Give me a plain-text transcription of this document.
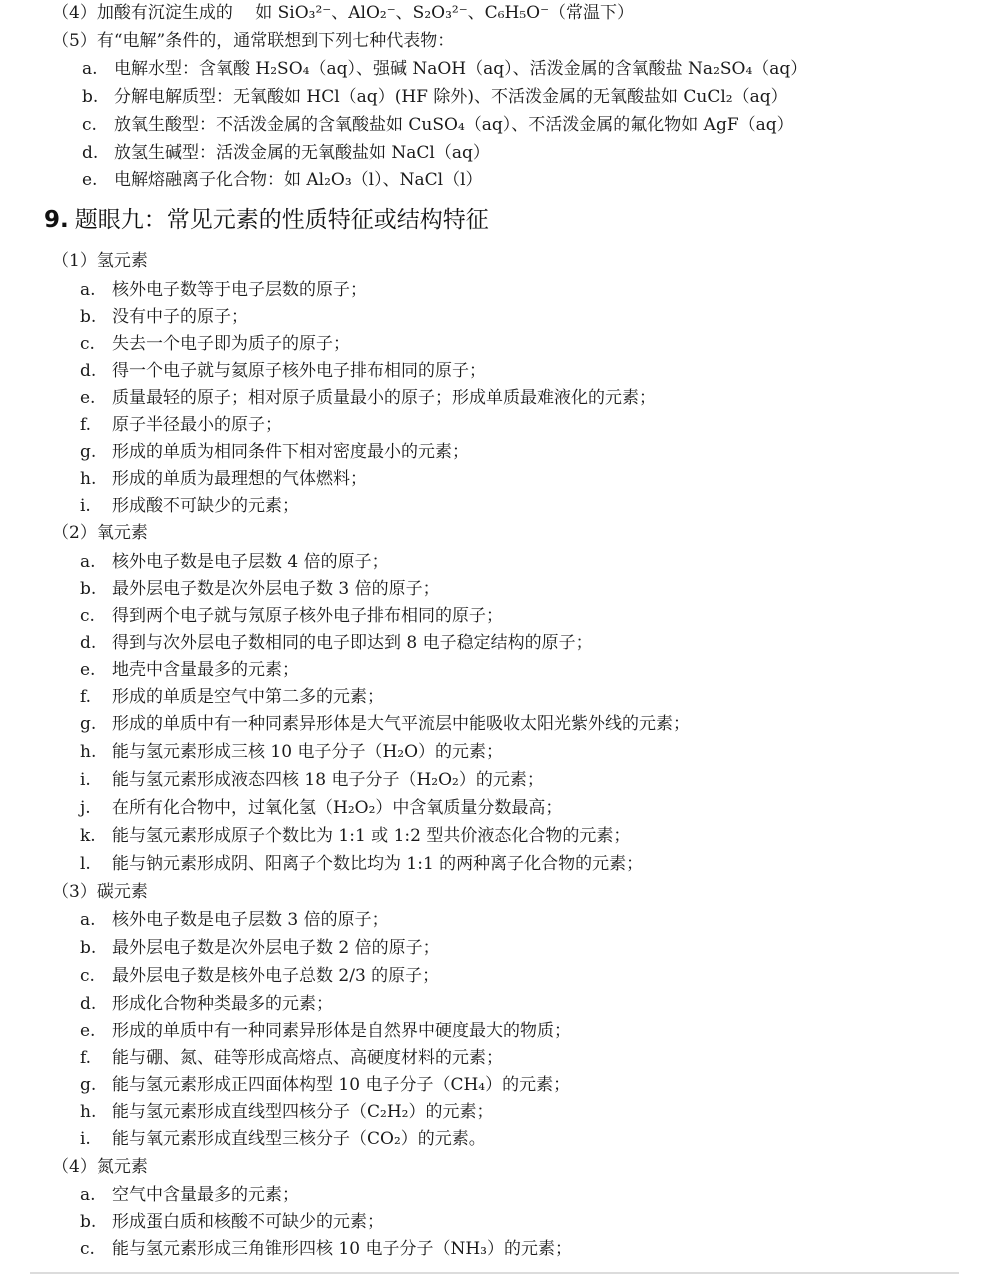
（4）加酸有沉淀生成的　 如 SiO₃²⁻、AlO₂⁻、S₂O₃²⁻、C₆H₅O⁻（常温下）
（5）有“电解”条件的，通常联想到下列七种代表物：
a. 电解水型：含氧酸 H₂SO₄（aq）、强碱 NaOH（aq）、活泼金属的含氧酸盐 Na₂SO₄（aq）
b. 分解电解质型：无氧酸如 HCl（aq）(HF 除外)、不活泼金属的无氧酸盐如 CuCl₂（aq）
c. 放氧生酸型：不活泼金属的含氧酸盐如 CuSO₄（aq）、不活泼金属的氟化物如 AgF（aq）
d. 放氢生碱型：活泼金属的无氧酸盐如 NaCl（aq）
e. 电解熔融离子化合物：如 Al₂O₃（l）、NaCl（l）
9. 题眼九：常见元素的性质特征或结构特征
（1）氢元素
a. 核外电子数等于电子层数的原子；
b. 没有中子的原子；
c. 失去一个电子即为质子的原子；
d. 得一个电子就与氦原子核外电子排布相同的原子；
e. 质量最轻的原子；相对原子质量最小的原子；形成单质最难液化的元素；
f. 原子半径最小的原子；
g. 形成的单质为相同条件下相对密度最小的元素；
h. 形成的单质为最理想的气体燃料；
i. 形成酸不可缺少的元素；
（2）氧元素
a. 核外电子数是电子层数 4 倍的原子；
b. 最外层电子数是次外层电子数 3 倍的原子；
c. 得到两个电子就与氖原子核外电子排布相同的原子；
d. 得到与次外层电子数相同的电子即达到 8 电子稳定结构的原子；
e. 地壳中含量最多的元素；
f. 形成的单质是空气中第二多的元素；
g. 形成的单质中有一种同素异形体是大气平流层中能吸收太阳光紫外线的元素；
h. 能与氢元素形成三核 10 电子分子（H₂O）的元素；
i. 能与氢元素形成液态四核 18 电子分子（H₂O₂）的元素；
j. 在所有化合物中，过氧化氢（H₂O₂）中含氧质量分数最高；
k. 能与氢元素形成原子个数比为 1:1 或 1:2 型共价液态化合物的元素；
l. 能与钠元素形成阴、阳离子个数比均为 1:1 的两种离子化合物的元素；
（3）碳元素
a. 核外电子数是电子层数 3 倍的原子；
b. 最外层电子数是次外层电子数 2 倍的原子；
c. 最外层电子数是核外电子总数 2/3 的原子；
d. 形成化合物种类最多的元素；
e. 形成的单质中有一种同素异形体是自然界中硬度最大的物质；
f. 能与硼、氮、硅等形成高熔点、高硬度材料的元素；
g. 能与氢元素形成正四面体构型 10 电子分子（CH₄）的元素；
h. 能与氢元素形成直线型四核分子（C₂H₂）的元素；
i. 能与氧元素形成直线型三核分子（CO₂）的元素。
（4）氮元素
a. 空气中含量最多的元素；
b. 形成蛋白质和核酸不可缺少的元素；
c. 能与氢元素形成三角锥形四核 10 电子分子（NH₃）的元素；
